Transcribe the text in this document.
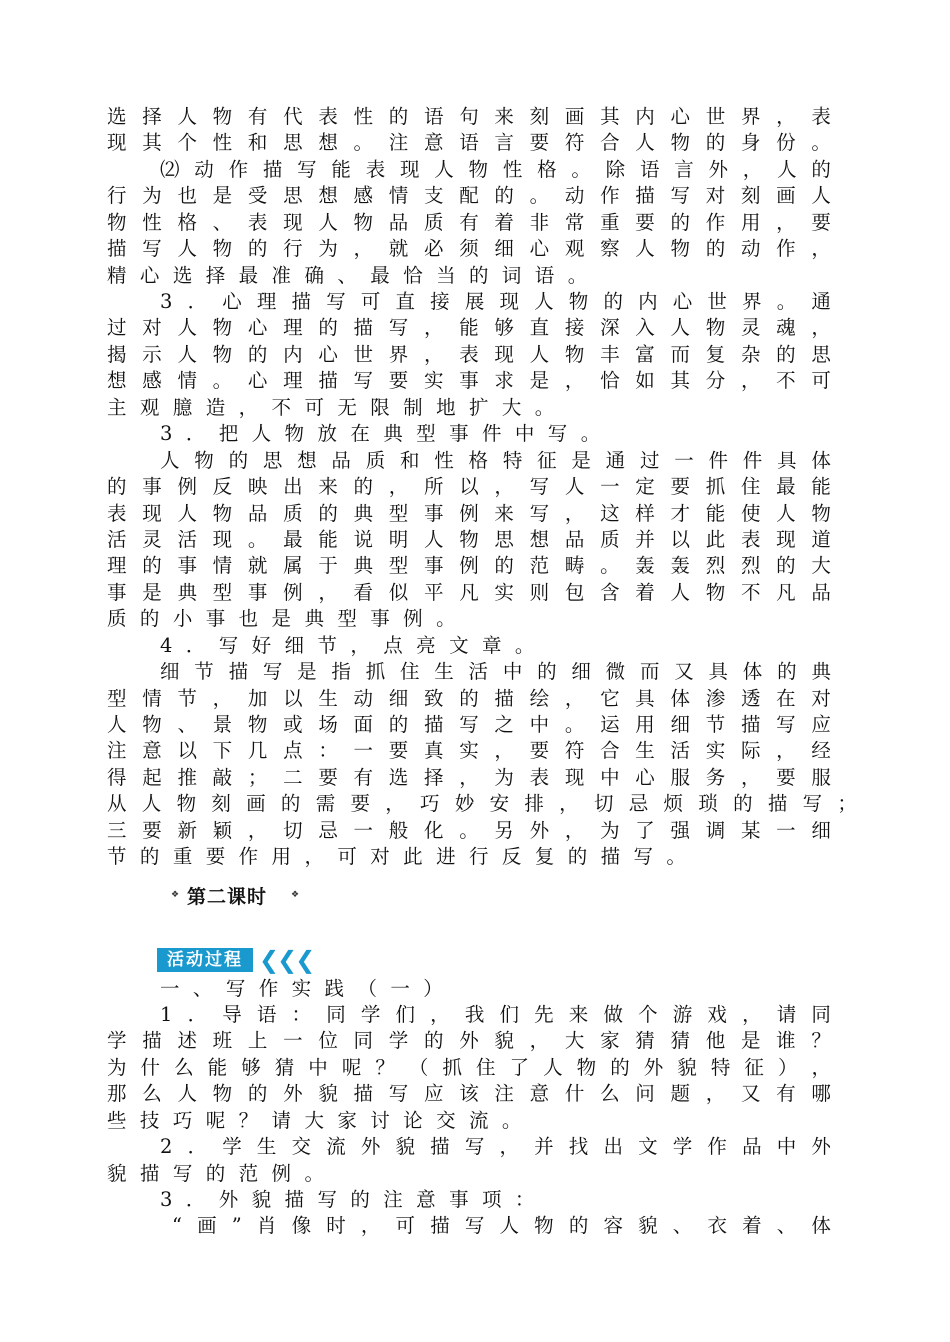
选 择 人 物 有 代 表 性 的 语 句 来 刻 画 其 内 心 世 界 ， 表
现 其 个 性 和 思 想 。 注 意 语 言 要 符 合 人 物 的 身 份 。
⑵ 动 作 描 写 能 表 现 人 物 性 格 。 除 语 言 外 ， 人 的
行 为 也 是 受 思 想 感 情 支 配 的 。 动 作 描 写 对 刻 画 人
物 性 格 、 表 现 人 物 品 质 有 着 非 常 重 要 的 作 用 ， 要
描 写 人 物 的 行 为 ， 就 必 须 细 心 观 察 人 物 的 动 作 ，
精 心 选 择 最 准 确 、 最 恰 当 的 词 语 。
3 ． 心 理 描 写 可 直 接 展 现 人 物 的 内 心 世 界 。 通
过 对 人 物 心 理 的 描 写 ， 能 够 直 接 深 入 人 物 灵 魂 ，
揭 示 人 物 的 内 心 世 界 ， 表 现 人 物 丰 富 而 复 杂 的 思
想 感 情 。 心 理 描 写 要 实 事 求 是 ， 恰 如 其 分 ， 不 可
主 观 臆 造 ， 不 可 无 限 制 地 扩 大 。
3 ． 把 人 物 放 在 典 型 事 件 中 写 。
人 物 的 思 想 品 质 和 性 格 特 征 是 通 过 一 件 件 具 体
的 事 例 反 映 出 来 的 ， 所 以 ， 写 人 一 定 要 抓 住 最 能
表 现 人 物 品 质 的 典 型 事 例 来 写 ， 这 样 才 能 使 人 物
活 灵 活 现 。 最 能 说 明 人 物 思 想 品 质 并 以 此 表 现 道
理 的 事 情 就 属 于 典 型 事 例 的 范 畴 。 轰 轰 烈 烈 的 大
事 是 典 型 事 例 ， 看 似 平 凡 实 则 包 含 着 人 物 不 凡 品
质 的 小 事 也 是 典 型 事 例 。
4 ． 写 好 细 节 ， 点 亮 文 章 。
细 节 描 写 是 指 抓 住 生 活 中 的 细 微 而 又 具 体 的 典
型 情 节 ， 加 以 生 动 细 致 的 描 绘 ， 它 具 体 渗 透 在 对
人 物 、 景 物 或 场 面 的 描 写 之 中 。 运 用 细 节 描 写 应
注 意 以 下 几 点 ： 一 要 真 实 ， 要 符 合 生 活 实 际 ， 经
得 起 推 敲 ； 二 要 有 选 择 ， 为 表 现 中 心 服 务 ， 要 服
从 人 物 刻 画 的 需 要 ， 巧 妙 安 排 ， 切 忌 烦 琐 的 描 写 ；
三 要 新 颖 ， 切 忌 一 般 化 。 另 外 ， 为 了 强 调 某 一 细
节 的 重 要 作 用 ， 可 对 此 进 行 反 复 的 描 写 。
❖ 第二课时	❖
活动过程 ❮❮❮
一 、 写 作 实 践 （ 一 ）
1 ． 导 语 ： 同 学 们 ， 我 们 先 来 做 个 游 戏 ， 请 同
学 描 述 班 上 一 位 同 学 的 外 貌 ， 大 家 猜 猜 他 是 谁 ？
为 什 么 能 够 猜 中 呢 ？ （ 抓 住 了 人 物 的 外 貌 特 征 ） ，
那 么 人 物 的 外 貌 描 写 应 该 注 意 什 么 问 题 ， 又 有 哪
些 技 巧 呢 ？ 请 大 家 讨 论 交 流 。
2 ． 学 生 交 流 外 貌 描 写 ， 并 找 出 文 学 作 品 中 外
貌 描 写 的 范 例 。
3 ． 外 貌 描 写 的 注 意 事 项 ：
“ 画 ” 肖 像 时 ， 可 描 写 人 物 的 容 貌 、 衣 着 、 体
